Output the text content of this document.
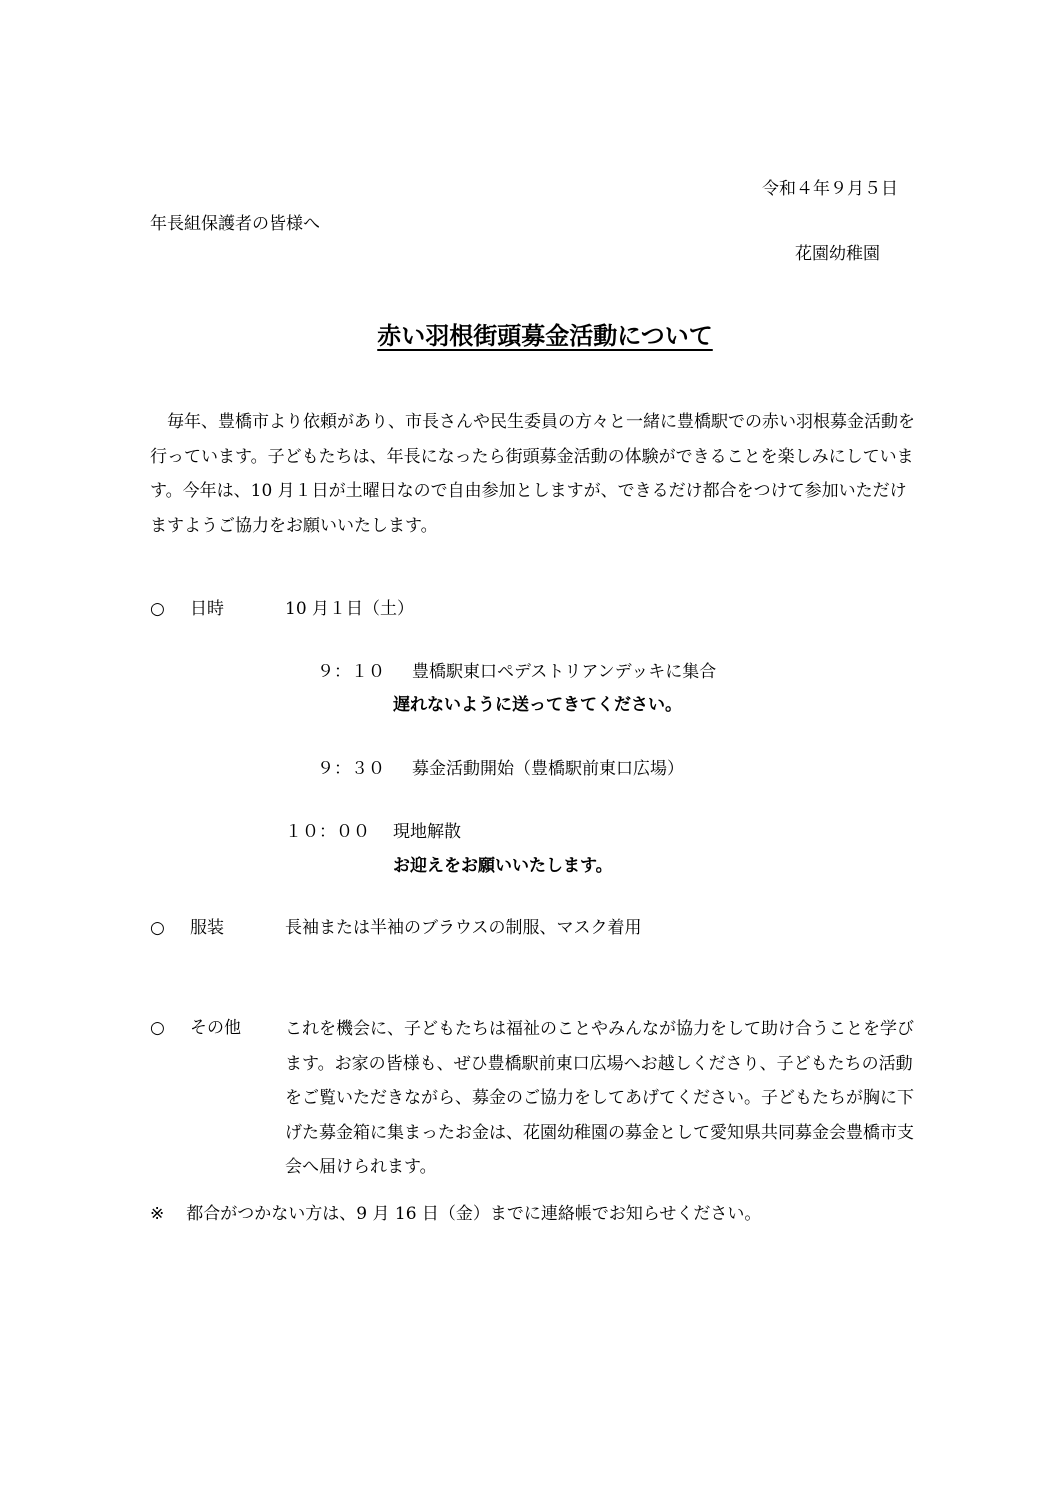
令和４年９月５日
年長組保護者の皆様へ
花園幼稚園
赤い羽根街頭募金活動について
毎年、豊橋市より依頼があり、市長さんや民生委員の方々と一緒に豊橋駅での赤い羽根募金活動を行っています。子どもたちは、年長になったら街頭募金活動の体験ができることを楽しみにしています。今年は、10 月１日が土曜日なので自由参加としますが、できるだけ都合をつけて参加いただけますようご協力をお願いいたします。
○ 日時	10 月１日（土）
９：１０ 豊橋駅東口ペデストリアンデッキに集合
遅れないように送ってきてください。
９：３０ 募金活動開始（豊橋駅前東口広場）
１０：００	現地解散
お迎えをお願いいたします。
○ 服装	長袖または半袖のブラウスの制服、マスク着用
○ その他	これを機会に、子どもたちは福祉のことやみんなが協力をして助け合うことを学びます。お家の皆様も、ぜひ豊橋駅前東口広場へお越しくださり、子どもたちの活動をご覧いただきながら、募金のご協力をしてあげてください。子どもたちが胸に下げた募金箱に集まったお金は、花園幼稚園の募金として愛知県共同募金会豊橋市支会へ届けられます。
※ 都合がつかない方は、9 月 16 日（金）までに連絡帳でお知らせください。
